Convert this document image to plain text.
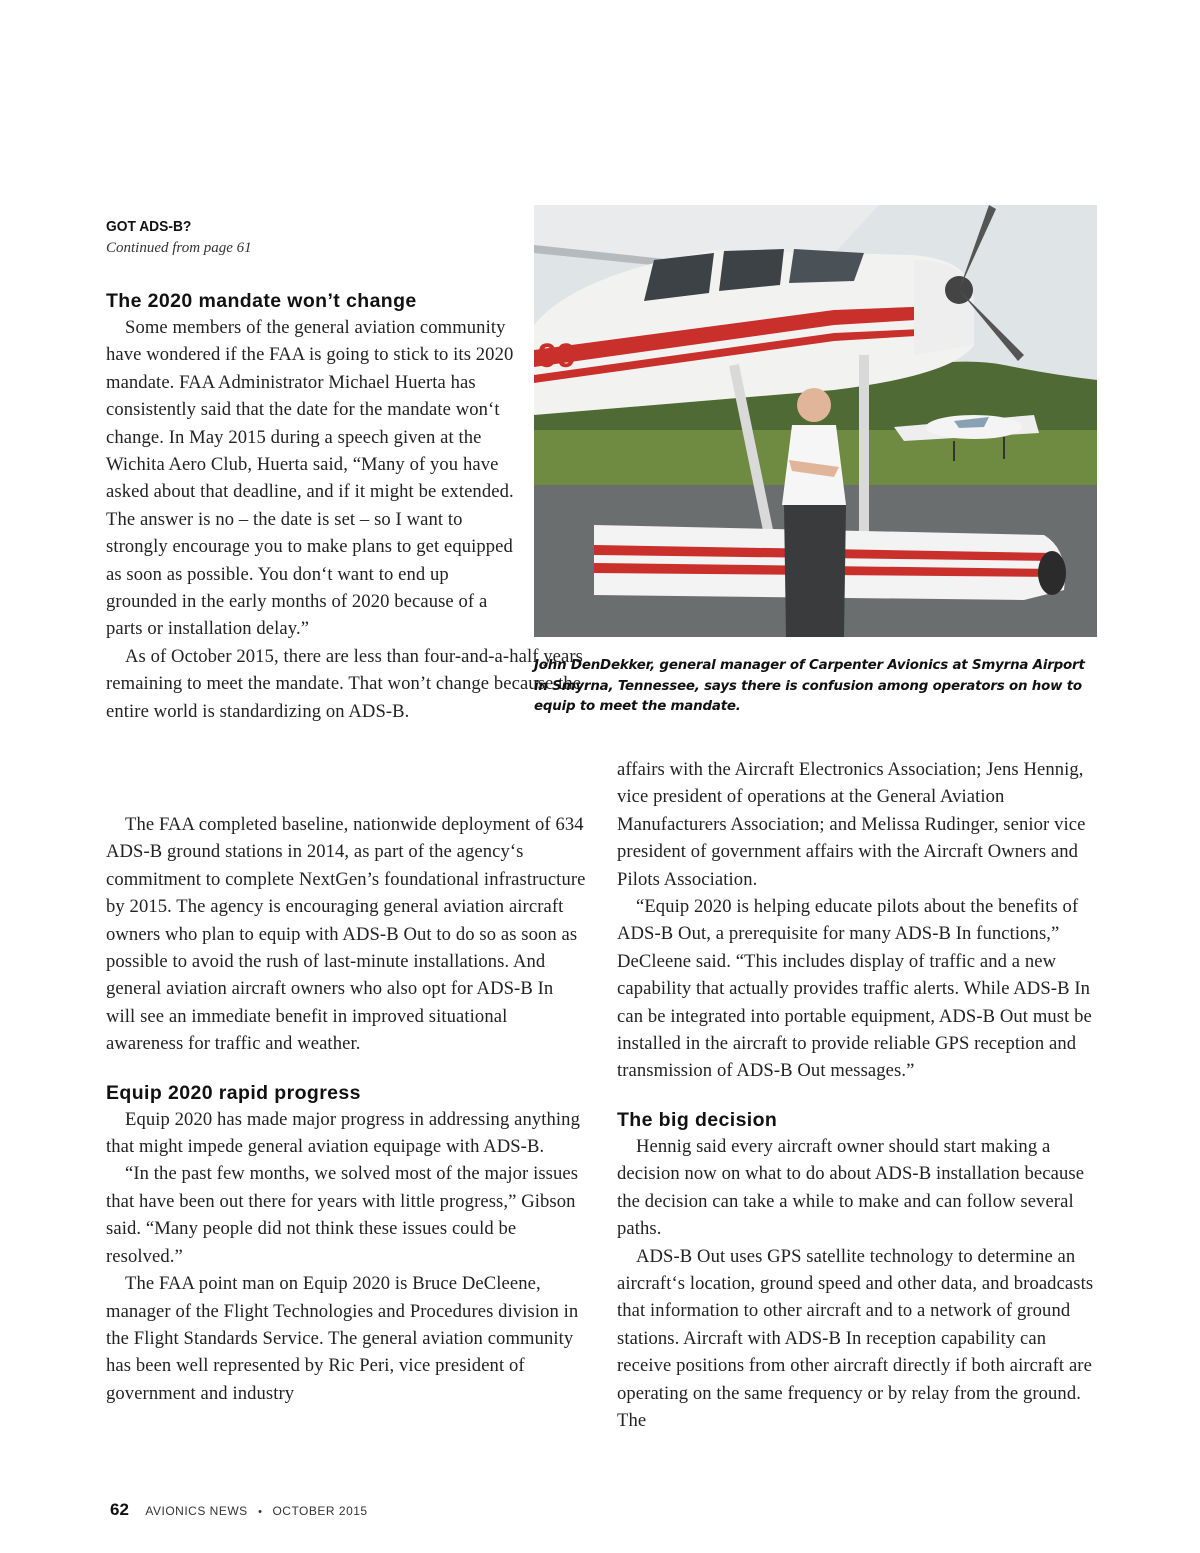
GOT ADS-B?
Continued from page 61
The 2020 mandate won’t change

Some members of the general aviation community have wondered if the FAA is going to stick to its 2020 mandate. FAA Administrator Michael Huerta has consistently said that the date for the mandate won‘t change. In May 2015 during a speech given at the Wichita Aero Club, Huerta said, “Many of you have asked about that deadline, and if it might be extended. The answer is no – the date is set – so I want to strongly encourage you to make plans to get equipped as soon as possible. You don‘t want to end up grounded in the early months of 2020 because of a parts or installation delay.”

As of October 2015, there are less than four-and-a-half years remaining to meet the mandate. That won’t change because the entire world is standardizing on ADS-B.

The FAA completed baseline, nationwide deployment of 634 ADS-B ground stations in 2014, as part of the agency‘s commitment to complete NextGen’s foundational infrastructure by 2015. The agency is encouraging general aviation aircraft owners who plan to equip with ADS-B Out to do so as soon as possible to avoid the rush of last-minute installations. And general aviation aircraft owners who also opt for ADS-B In will see an immediate benefit in improved situational awareness for traffic and weather.

Equip 2020 rapid progress

Equip 2020 has made major progress in addressing anything that might impede general aviation equipage with ADS-B.

“In the past few months, we solved most of the major issues that have been out there for years with little progress,” Gibson said. “Many people did not think these issues could be resolved.”

The FAA point man on Equip 2020 is Bruce DeCleene, manager of the Flight Technologies and Procedures division in the Flight Standards Service. The general aviation community has been well represented by Ric Peri, vice president of government and industry

99
John DenDekker, general manager of Carpenter Avionics at Smyrna Airport in Smyrna, Tennessee, says there is confusion among operators on how to equip to meet the mandate.

affairs with the Aircraft Electronics Association; Jens Hennig, vice president of operations at the General Aviation Manufacturers Association; and Melissa Rudinger, senior vice president of government affairs with the Aircraft Owners and Pilots Association.

“Equip 2020 is helping educate pilots about the benefits of ADS-B Out, a prerequisite for many ADS-B In functions,” DeCleene said. “This includes display of traffic and a new capability that actually provides traffic alerts. While ADS-B In can be integrated into portable equipment, ADS-B Out must be installed in the aircraft to provide reliable GPS reception and transmission of ADS-B Out messages.”

The big decision

Hennig said every aircraft owner should start making a decision now on what to do about ADS-B installation because the decision can take a while to make and can follow several paths.

ADS-B Out uses GPS satellite technology to determine an aircraft‘s location, ground speed and other data, and broadcasts that information to other aircraft and to a network of ground stations. Aircraft with ADS-B In reception capability can receive positions from other aircraft directly if both aircraft are operating on the same frequency or by relay from the ground. The

62 AVIONICS NEWS • OCTOBER 2015
